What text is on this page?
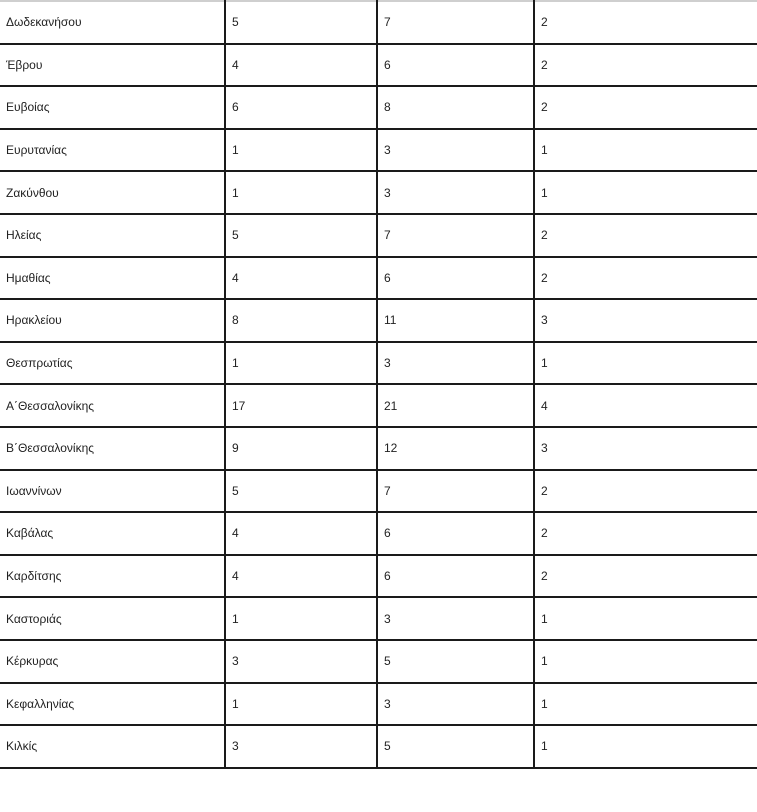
Δωδεκανήσου	5	7	2
Έβρου	4	6	2
Ευβοίας	6	8	2
Ευρυτανίας	1	3	1
Ζακύνθου	1	3	1
Ηλείας	5	7	2
Ημαθίας	4	6	2
Ηρακλείου	8	11	3
Θεσπρωτίας	1	3	1
Α΄Θεσσαλονίκης	17	21	4
Β΄Θεσσαλονίκης	9	12	3
Ιωαννίνων	5	7	2
Καβάλας	4	6	2
Καρδίτσης	4	6	2
Καστοριάς	1	3	1
Κέρκυρας	3	5	1
Κεφαλληνίας	1	3	1
Κιλκίς	3	5	1
